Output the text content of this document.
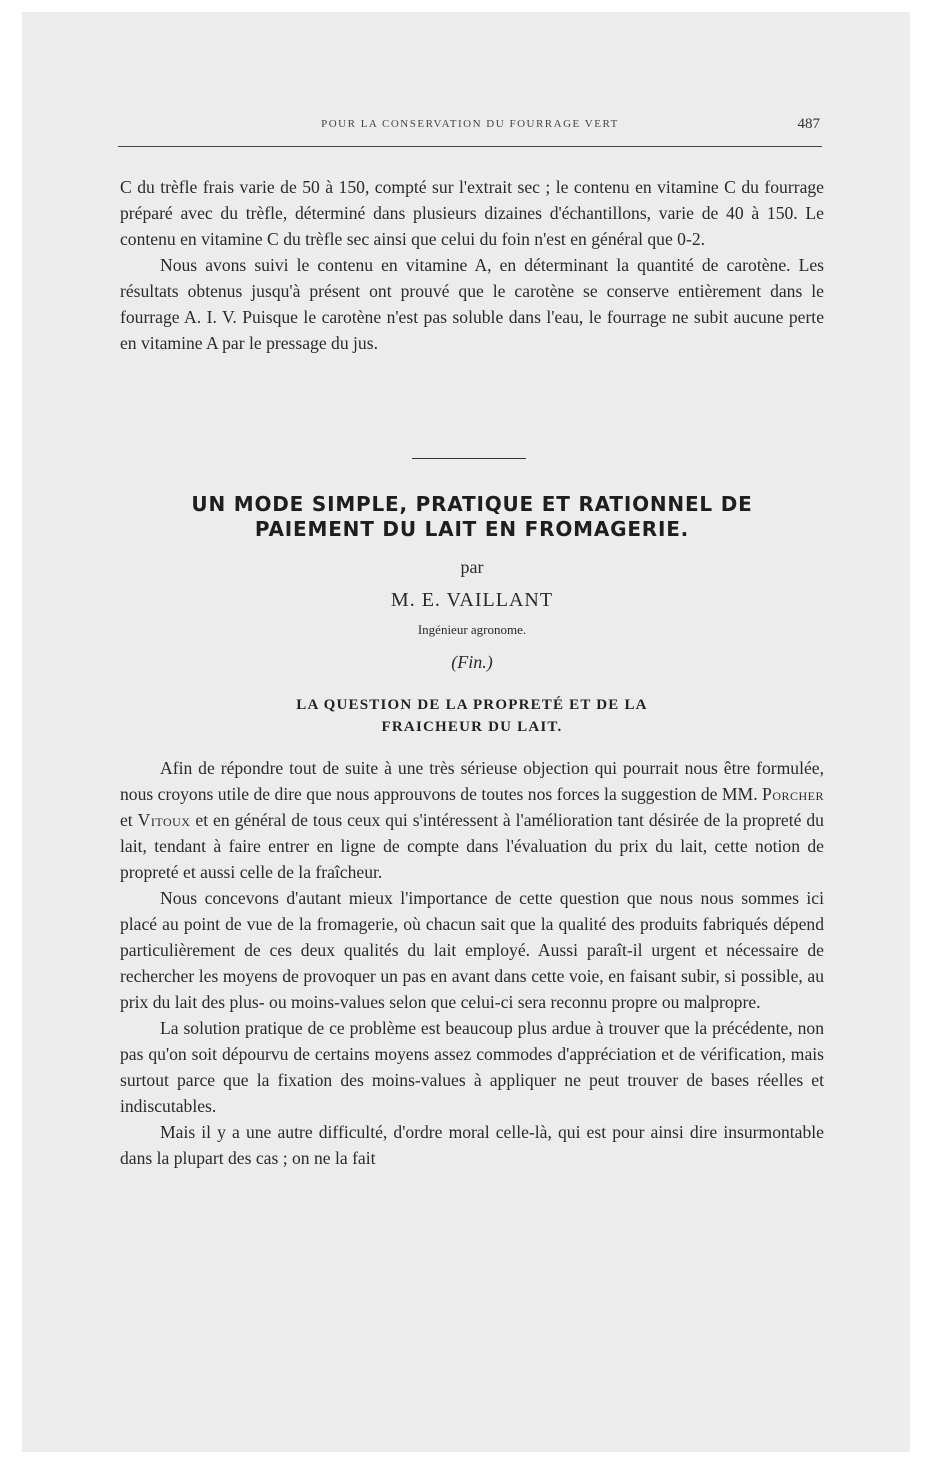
POUR LA CONSERVATION DU FOURRAGE VERT	487

C du trèfle frais varie de 50 à 150, compté sur l'extrait sec ; le contenu en vitamine C du fourrage préparé avec du trèfle, déterminé dans plusieurs dizaines d'échantillons, varie de 40 à 150. Le contenu en vitamine C du trèfle sec ainsi que celui du foin n'est en général que 0-2.

Nous avons suivi le contenu en vitamine A, en déterminant la quantité de carotène. Les résultats obtenus jusqu'à présent ont prouvé que le carotène se conserve entièrement dans le fourrage A. I. V. Puisque le carotène n'est pas soluble dans l'eau, le fourrage ne subit aucune perte en vitamine A par le pressage du jus.

UN MODE SIMPLE, PRATIQUE ET RATIONNEL DE
PAIEMENT DU LAIT EN FROMAGERIE.
par
M. E. VAILLANT
Ingénieur agronome.
(Fin.)
LA QUESTION DE LA PROPRETÉ ET DE LA
FRAICHEUR DU LAIT.

Afin de répondre tout de suite à une très sérieuse objection qui pourrait nous être formulée, nous croyons utile de dire que nous approuvons de toutes nos forces la suggestion de MM. Porcher et Vitoux et en général de tous ceux qui s'intéressent à l'amélioration tant désirée de la propreté du lait, tendant à faire entrer en ligne de compte dans l'évaluation du prix du lait, cette notion de propreté et aussi celle de la fraîcheur.

Nous concevons d'autant mieux l'importance de cette question que nous nous sommes ici placé au point de vue de la fromagerie, où chacun sait que la qualité des produits fabriqués dépend particulièrement de ces deux qualités du lait employé. Aussi paraît-il urgent et nécessaire de rechercher les moyens de provoquer un pas en avant dans cette voie, en faisant subir, si possible, au prix du lait des plus- ou moins-values selon que celui-ci sera reconnu propre ou malpropre.

La solution pratique de ce problème est beaucoup plus ardue à trouver que la précédente, non pas qu'on soit dépourvu de certains moyens assez commodes d'appréciation et de vérification, mais surtout parce que la fixation des moins-values à appliquer ne peut trouver de bases réelles et indiscutables.

Mais il y a une autre difficulté, d'ordre moral celle-là, qui est pour ainsi dire insurmontable dans la plupart des cas ; on ne la fait
